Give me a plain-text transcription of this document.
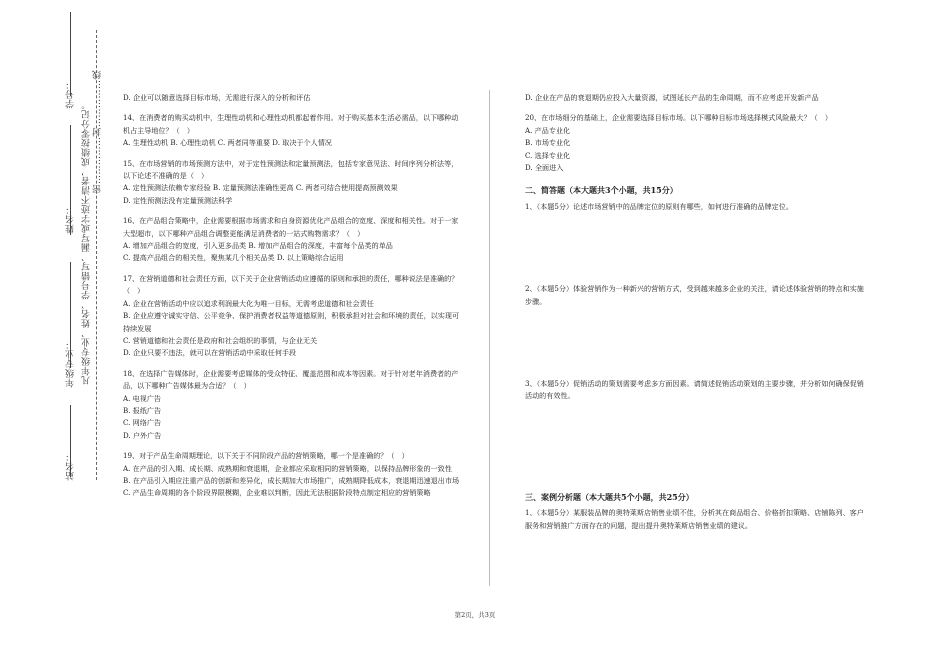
学号：
姓名：
年级专业：
站名：
凡年级专业、姓名、学号错写、漏写或字迹不清者，成绩按零分记。 密……………封……………线	D. 企业可以随意选择目标市场，无需进行深入的分析和评估

14、在消费者的购买动机中，生理性动机和心理性动机都起着作用。对于购买基本生活必需品，以下哪种动机占主导地位？（　）

A. 生理性动机 B. 心理性动机 C. 两者同等重要 D. 取决于个人情况

15、在市场营销的市场预测方法中，对于定性预测法和定量预测法，包括专家意见法、时间序列分析法等，以下论述不准确的是（　）

A. 定性预测法依赖专家经验 B. 定量预测法准确性更高 C. 两者可结合使用提高预测效果
D. 定性预测法没有定量预测法科学

16、在产品组合策略中，企业需要根据市场需求和自身资源优化产品组合的宽度、深度和相关性。对于一家大型超市，以下哪种产品组合调整更能满足消费者的一站式购物需求？（　）

A. 增加产品组合的宽度，引入更多品类 B. 增加产品组合的深度，丰富每个品类的单品
C. 提高产品组合的相关性，聚焦某几个相关品类 D. 以上策略综合运用

17、在营销道德和社会责任方面，以下关于企业营销活动应遵循的原则和承担的责任，哪种说法是准确的？（　）

A. 企业在营销活动中应以追求利润最大化为唯一目标，无需考虑道德和社会责任
B. 企业应遵守诚实守信、公平竞争、保护消费者权益等道德原则，积极承担对社会和环境的责任，以实现可持续发展
C. 营销道德和社会责任是政府和社会组织的事情，与企业无关
D. 企业只要不违法，就可以在营销活动中采取任何手段

18、在选择广告媒体时，企业需要考虑媒体的受众特征、覆盖范围和成本等因素。对于针对老年消费者的产品，以下哪种广告媒体最为合适？（　）

A. 电视广告
B. 报纸广告
C. 网络广告
D. 户外广告

19、对于产品生命周期理论，以下关于不同阶段产品的营销策略，哪一个是准确的？（　）

A. 在产品的引入期、成长期、成熟期和衰退期，企业都应采取相同的营销策略，以保持品牌形象的一致性
B. 在产品引入期应注重产品的创新和差异化，成长期加大市场推广，成熟期降低成本，衰退期迅速退出市场
C. 产品生命周期的各个阶段界限模糊，企业难以判断，因此无法根据阶段特点制定相应的营销策略

D. 企业在产品的衰退期仍应投入大量资源，试图延长产品的生命周期，而不应考虑开发新产品

20、在市场细分的基础上，企业需要选择目标市场。以下哪种目标市场选择模式风险最大？（　）

A. 产品专业化
B. 市场专业化
C. 选择专业化
D. 全面进入
二、简答题（本大题共3个小题，共15分）

1、（本题5分）论述市场营销中的品牌定位的原则有哪些，如何进行准确的品牌定位。

2、（本题5分）体验营销作为一种新兴的营销方式，受到越来越多企业的关注，请论述体验营销的特点和实施步骤。

3、（本题5分）促销活动的策划需要考虑多方面因素。请简述促销活动策划的主要步骤，并分析如何确保促销活动的有效性。

三、案例分析题（本大题共5个小题，共25分）

1、（本题5分）某服装品牌的奥特莱斯店销售业绩不佳，分析其在商品组合、价格折扣策略、店铺陈列、客户服务和营销推广方面存在的问题，提出提升奥特莱斯店销售业绩的建议。

第2页，共3页
